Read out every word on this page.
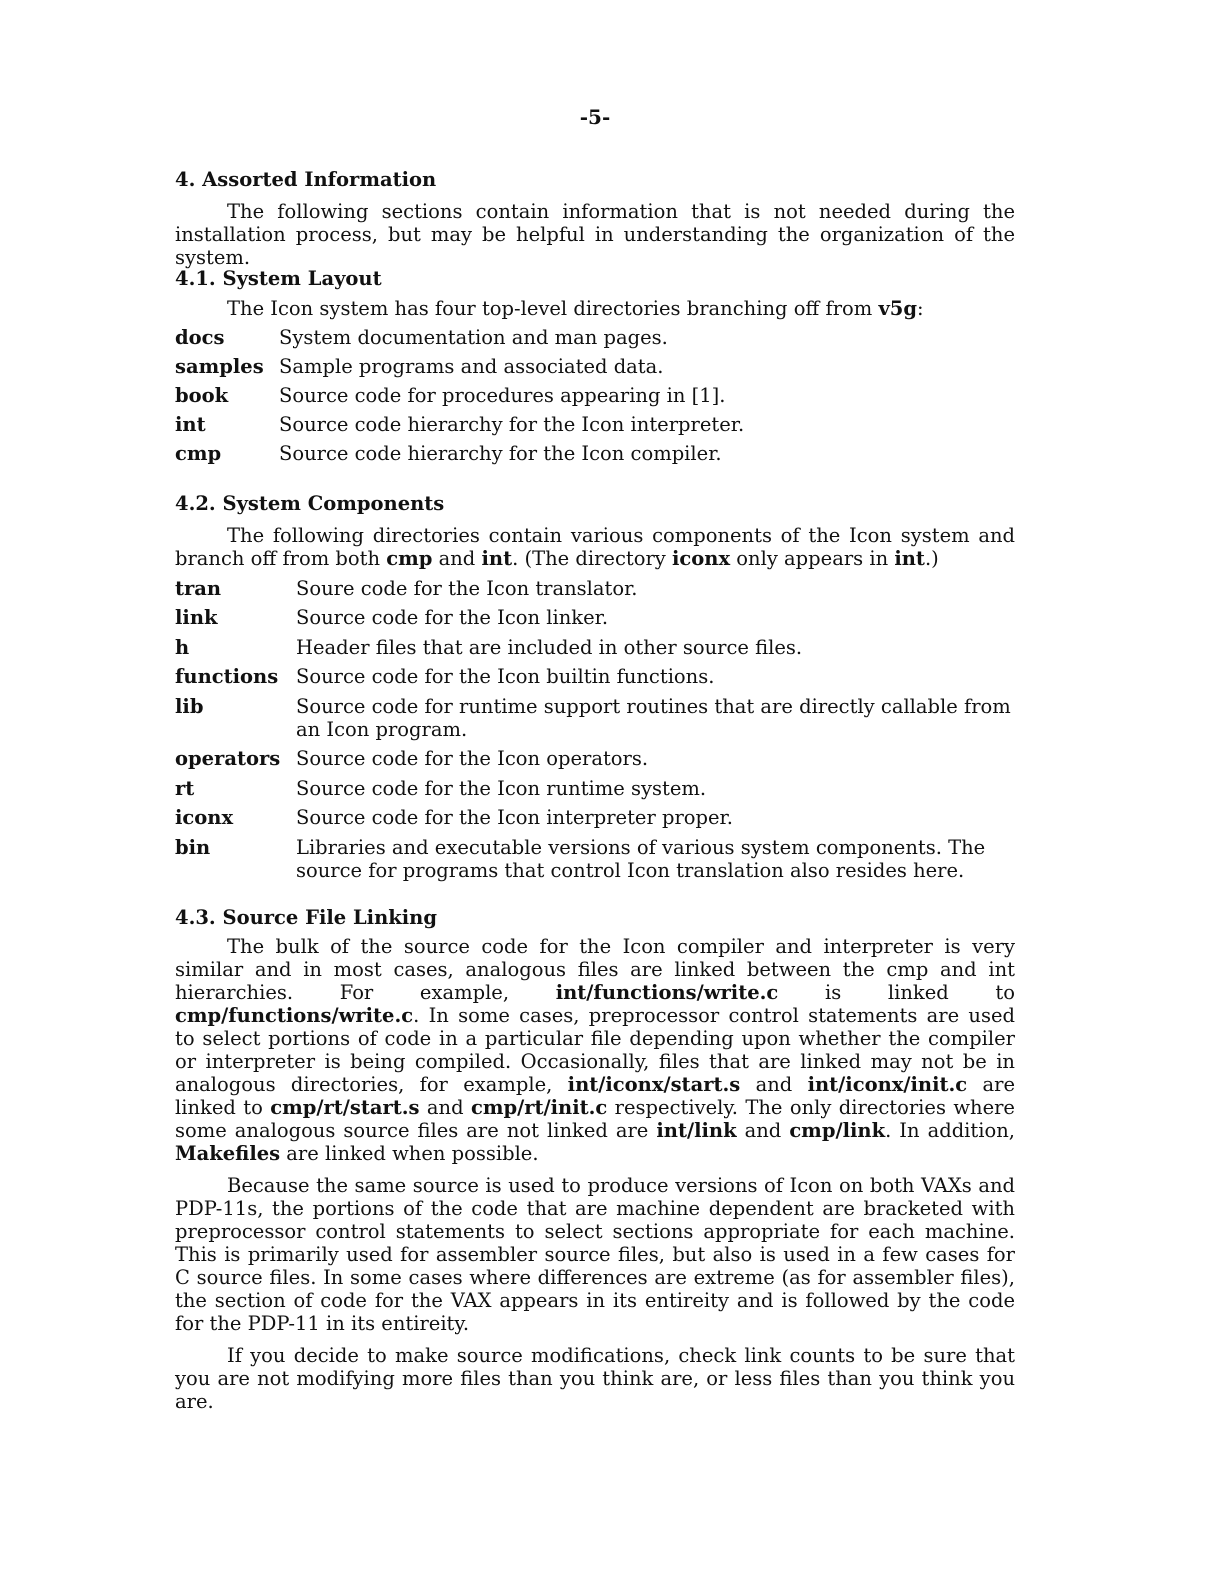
-5-
4. Assorted Information

The following sections contain information that is not needed during the installation process, but may be helpful in understanding the organization of the system.

4.1. System Layout

The Icon system has four top-level directories branching off from v5g:

docs	System documentation and man pages.
samples Sample programs and associated data.
book	Source code for procedures appearing in [1].
int	Source code hierarchy for the Icon interpreter.
cmp	Source code hierarchy for the Icon compiler.
4.2. System Components

The following directories contain various components of the Icon system and branch off from both cmp and int. (The directory iconx only appears in int.)

tran	Soure code for the Icon translator.
link	Source code for the Icon linker.
h	Header files that are included in other source files.
functions Source code for the Icon builtin functions.
lib	Source code for runtime support routines that are directly callable from an Icon program.
operators Source code for the Icon operators.
rt	Source code for the Icon runtime system.
iconx	Source code for the Icon interpreter proper.
bin	Libraries and executable versions of various system components. The source for programs that control Icon translation also resides here.
4.3. Source File Linking

The bulk of the source code for the Icon compiler and interpreter is very similar and in most cases, analogous files are linked between the cmp and int hierarchies. For example, int/functions/write.c is linked to cmp/functions/write.c. In some cases, preprocessor control statements are used to select portions of code in a particular file depending upon whether the compiler or interpreter is being compiled. Occasionally, files that are linked may not be in analogous directories, for example, int/iconx/start.s and int/iconx/init.c are linked to cmp/rt/start.s and cmp/rt/init.c respectively. The only directories where some analogous source files are not linked are int/link and cmp/link. In addition, Makefiles are linked when possible.

Because the same source is used to produce versions of Icon on both VAXs and PDP-11s, the portions of the code that are machine dependent are bracketed with preprocessor control statements to select sections appropriate for each machine. This is primarily used for assembler source files, but also is used in a few cases for C source files. In some cases where differences are extreme (as for assembler files), the section of code for the VAX appears in its entireity and is followed by the code for the PDP-11 in its entireity.

If you decide to make source modifications, check link counts to be sure that you are not modifying more files than you think are, or less files than you think you are.
